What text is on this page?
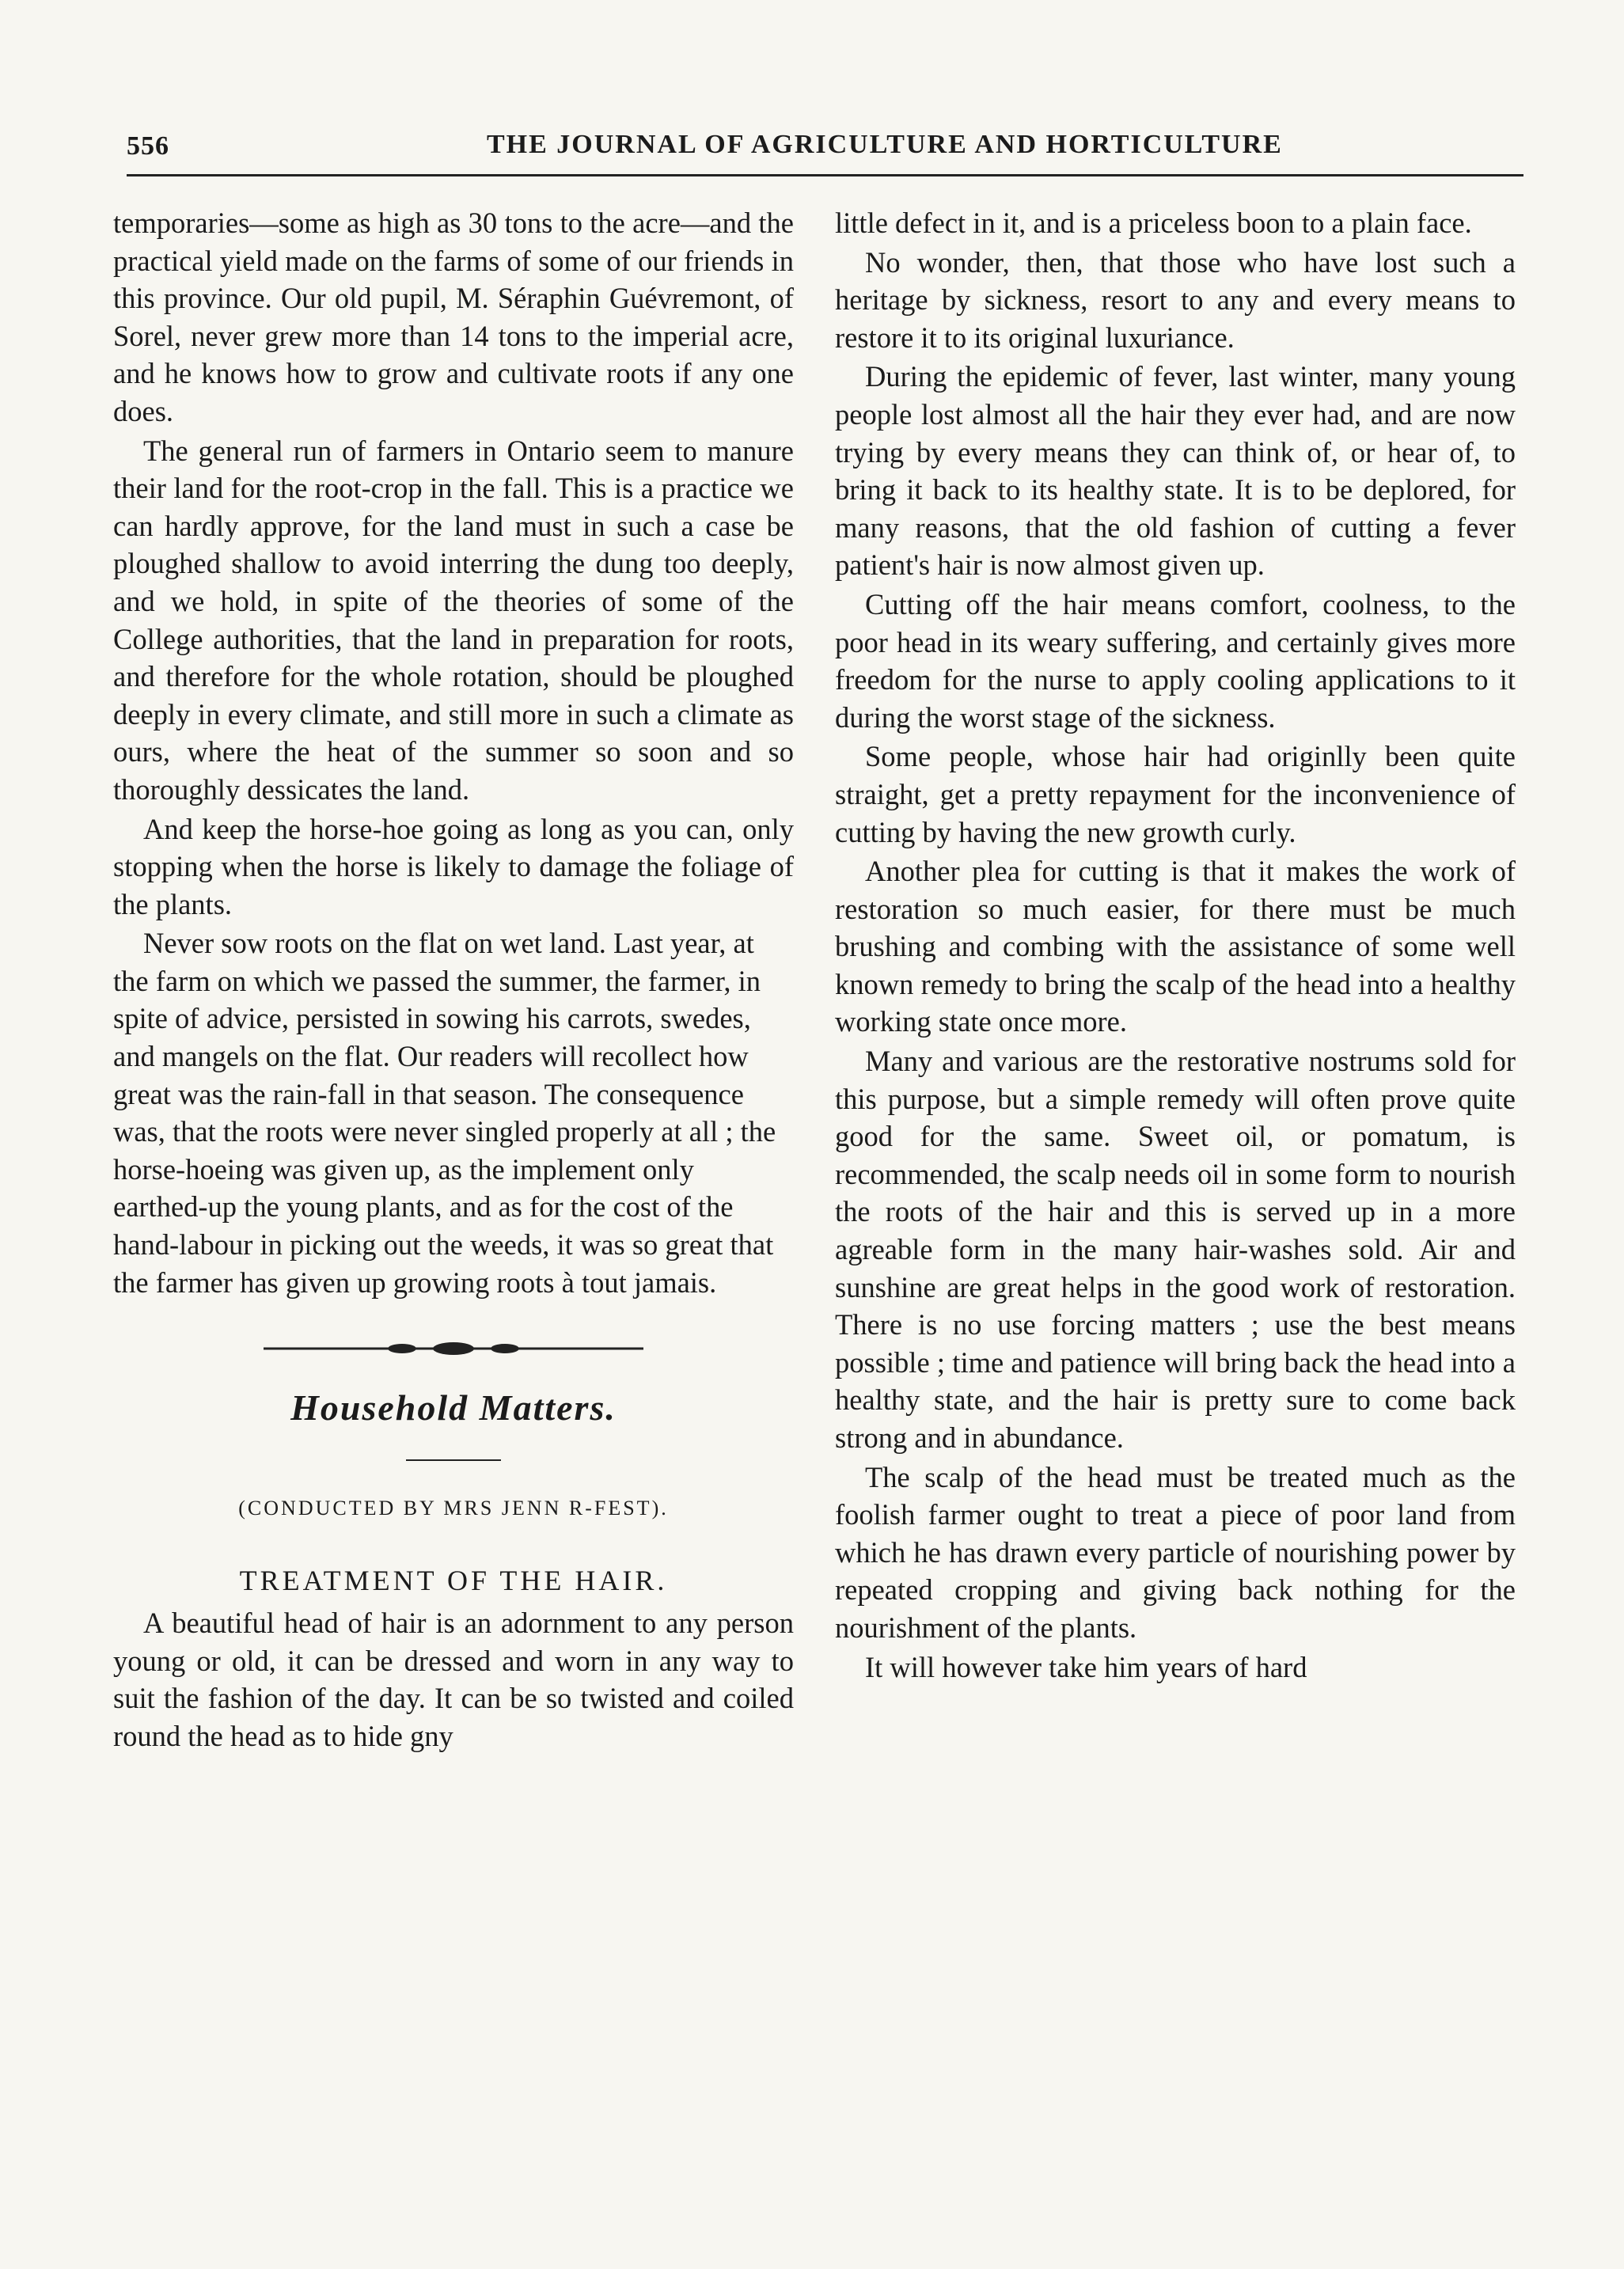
556	THE JOURNAL OF AGRICULTURE AND HORTICULTURE

temporaries—some as high as 30 tons to the acre—and the practical yield made on the farms of some of our friends in this province. Our old pupil, M. Séraphin Guévremont, of Sorel, never grew more than 14 tons to the imperial acre, and he knows how to grow and cultivate roots if any one does.

The general run of farmers in Ontario seem to manure their land for the root-crop in the fall. This is a practice we can hardly approve, for the land must in such a case be ploughed shallow to avoid interring the dung too deeply, and we hold, in spite of the theories of some of the College authorities, that the land in preparation for roots, and therefore for the whole rotation, should be ploughed deeply in every climate, and still more in such a climate as ours, where the heat of the summer so soon and so thoroughly dessicates the land.

And keep the horse-hoe going as long as you can, only stopping when the horse is likely to damage the foliage of the plants.

Never sow roots on the flat on wet land. Last year, at the farm on which we passed the summer, the farmer, in spite of advice, persisted in sowing his carrots, swedes, and mangels on the flat. Our readers will recollect how great was the rain-fall in that season. The consequence was, that the roots were never singled properly at all ; the horse-hoeing was given up, as the implement only earthed-up the young plants, and as for the cost of the hand-labour in picking out the weeds, it was so great that the farmer has given up growing roots à tout jamais.

Household Matters.
(CONDUCTED BY MRS JENN R-FEST).
TREATMENT OF THE HAIR.

A beautiful head of hair is an adornment to any person young or old, it can be dressed and worn in any way to suit the fashion of the day. It can be so twisted and coiled round the head as to hide gny

little defect in it, and is a priceless boon to a plain face.

No wonder, then, that those who have lost such a heritage by sickness, resort to any and every means to restore it to its original luxuriance.

During the epidemic of fever, last winter, many young people lost almost all the hair they ever had, and are now trying by every means they can think of, or hear of, to bring it back to its healthy state. It is to be deplored, for many reasons, that the old fashion of cutting a fever patient's hair is now almost given up.

Cutting off the hair means comfort, coolness, to the poor head in its weary suffering, and certainly gives more freedom for the nurse to apply cooling applications to it during the worst stage of the sickness.

Some people, whose hair had originlly been quite straight, get a pretty repayment for the inconvenience of cutting by having the new growth curly.

Another plea for cutting is that it makes the work of restoration so much easier, for there must be much brushing and combing with the assistance of some well known remedy to bring the scalp of the head into a healthy working state once more.

Many and various are the restorative nostrums sold for this purpose, but a simple remedy will often prove quite good for the same. Sweet oil, or pomatum, is recommended, the scalp needs oil in some form to nourish the roots of the hair and this is served up in a more agreable form in the many hair-washes sold. Air and sunshine are great helps in the good work of restoration. There is no use forcing matters ; use the best means possible ; time and patience will bring back the head into a healthy state, and the hair is pretty sure to come back strong and in abundance.

The scalp of the head must be treated much as the foolish farmer ought to treat a piece of poor land from which he has drawn every particle of nourishing power by repeated cropping and giving back nothing for the nourishment of the plants.

It will however take him years of hard
